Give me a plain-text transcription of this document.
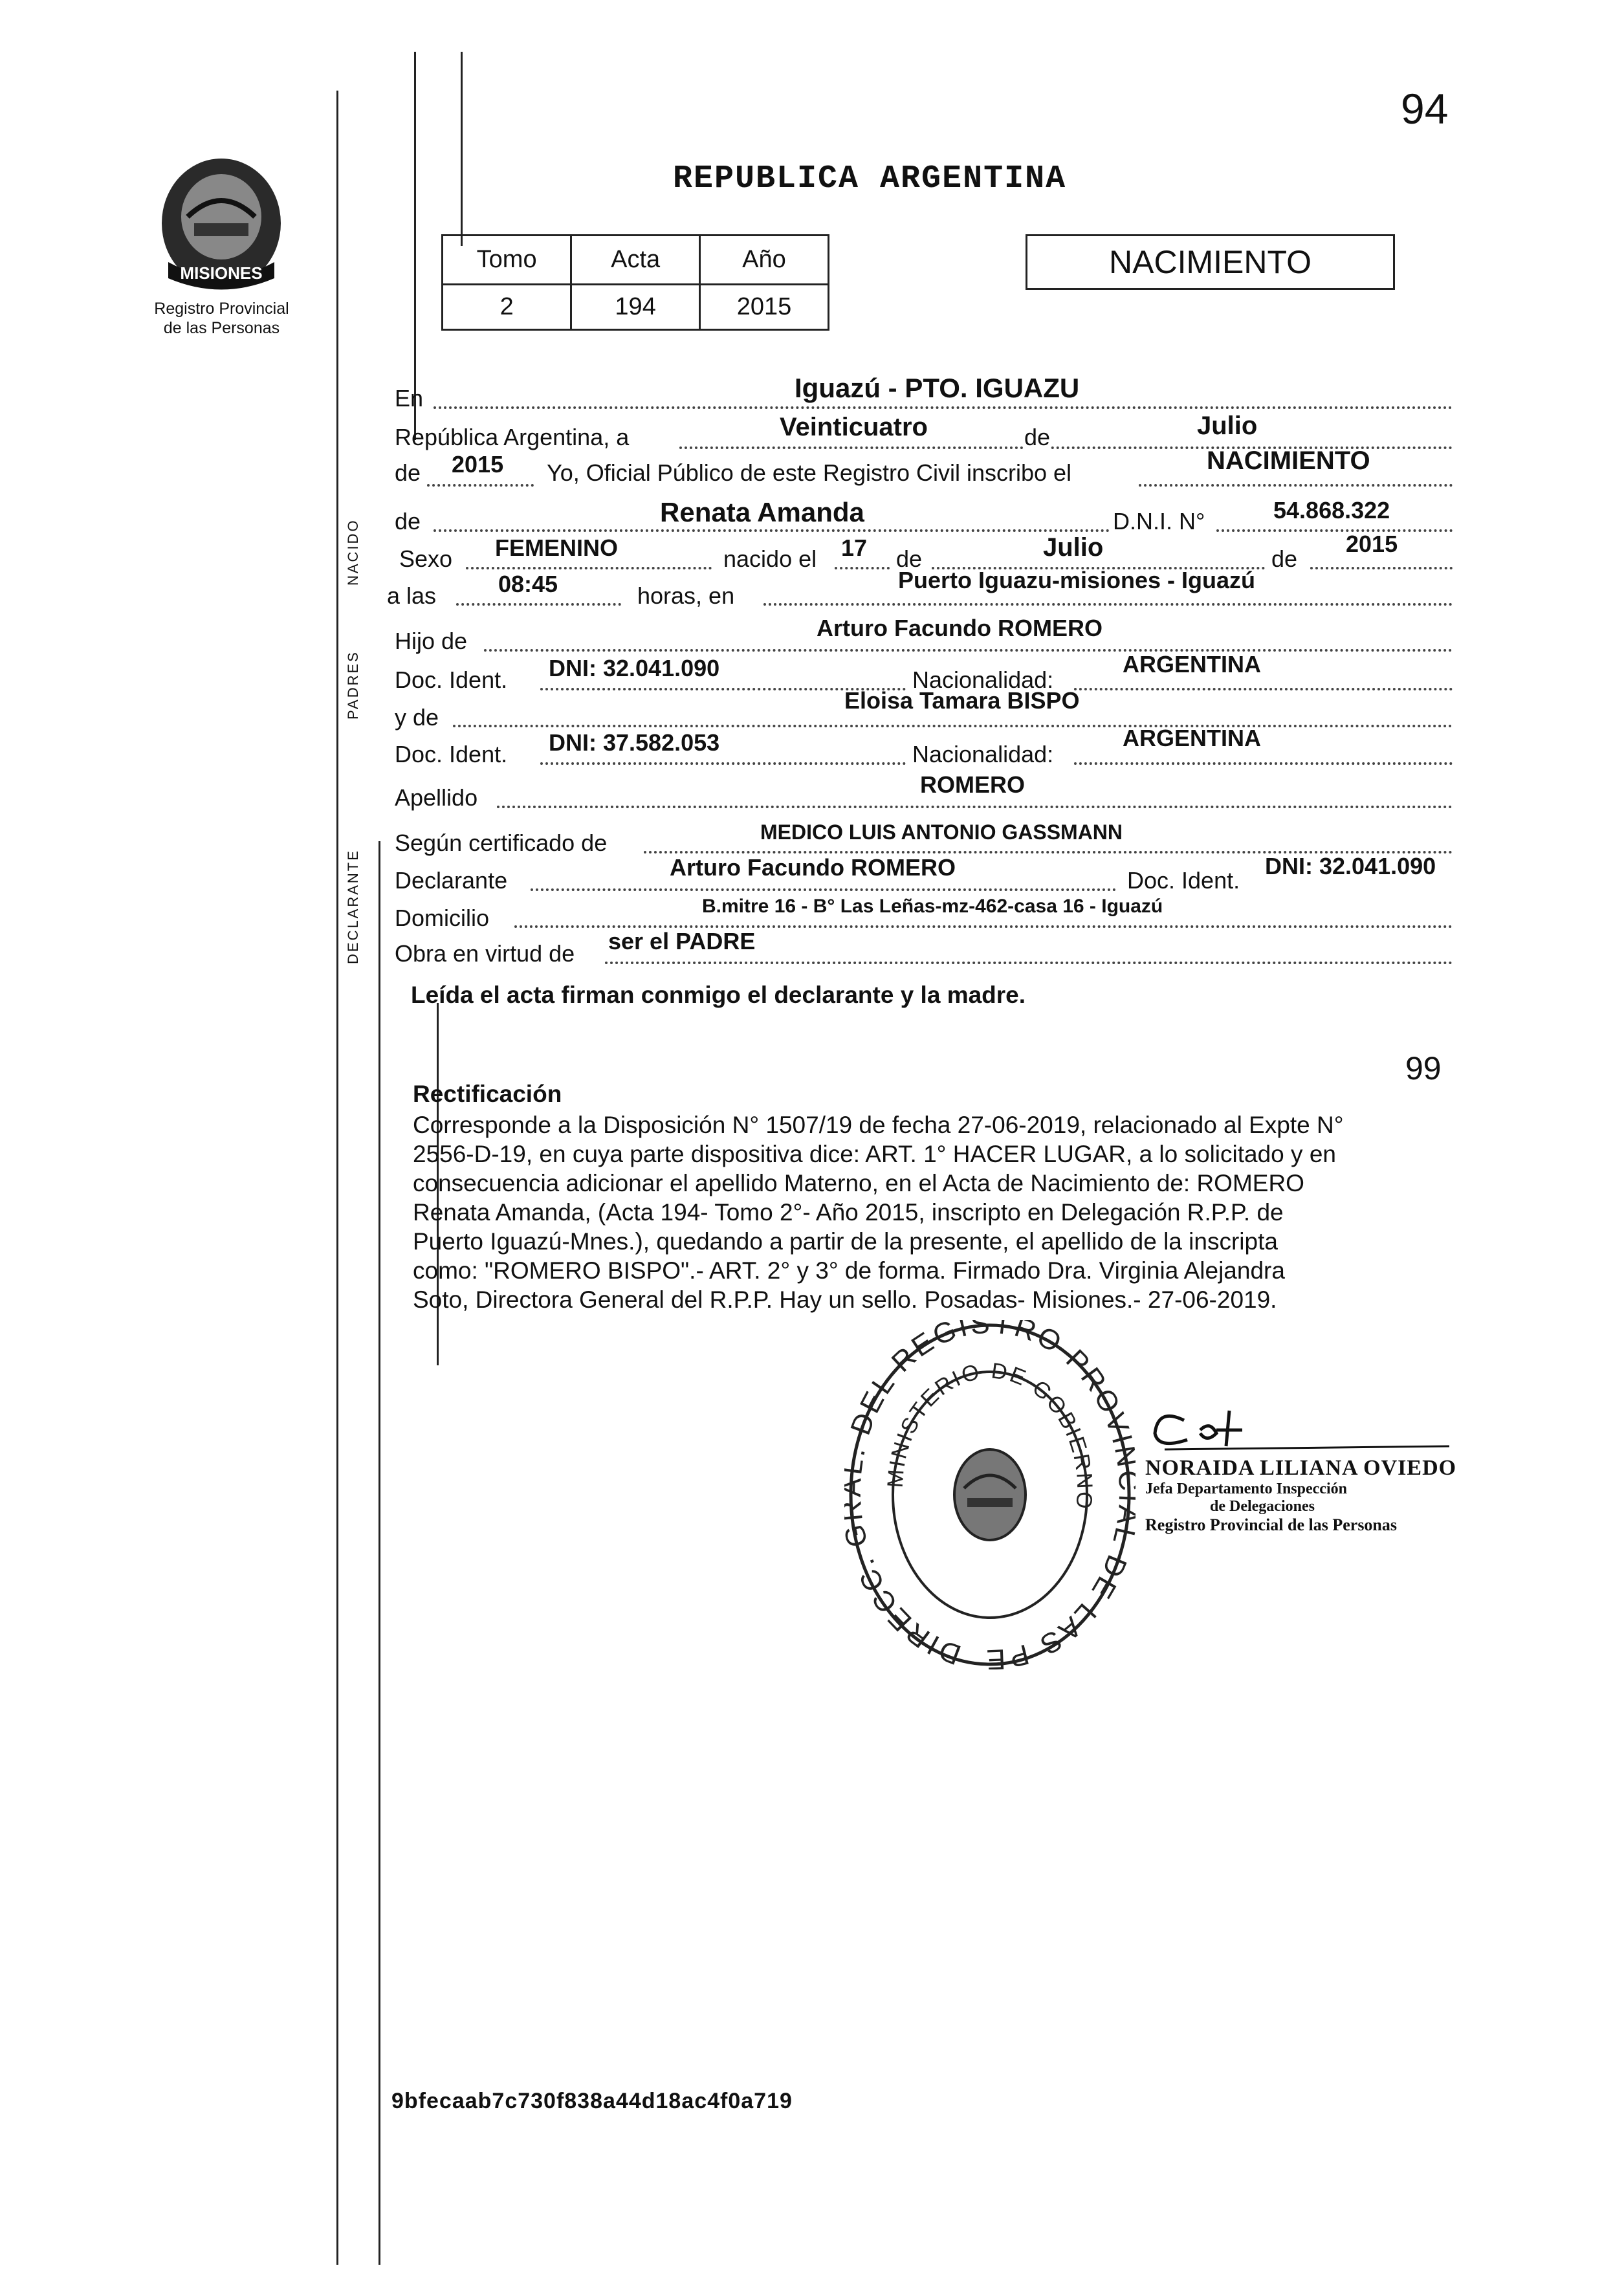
94
MISIONES
Registro Provincial
de las Personas
REPUBLICA ARGENTINA
Tomo	Acta	Año
2	194	2015
NACIMIENTO
NACIDO
En	Iguazú - PTO. IGUAZU
República Argentina, a	Veinticuatro	de	Julio
de 2015 Yo, Oficial Público de este Registro Civil inscribo el	NACIMIENTO
de	Renata Amanda	D.N.I. N°	54.868.322
Sexo FEMENINO	nacido el 17 de	Julio	de
2015
a las	08:45	horas, en
Puerto Iguazu-misiones - Iguazú
PADRES
Hijo de	Arturo Facundo ROMERO
Doc. Ident. DNI: 32.041.090	Nacionalidad:
ARGENTINA
y de
Eloisa Tamara BISPO
Doc. Ident. DNI: 37.582.053	Nacionalidad:
ARGENTINA
Apellido	ROMERO
DECLARANTE
Según certificado de	MEDICO LUIS ANTONIO GASSMANN
Declarante	Arturo Facundo ROMERO	Doc. Ident.
DNI: 32.041.090
Domicilio	B.mitre 16 - B° Las Leñas-mz-462-casa 16 - Iguazú
Obra en virtud de ser el PADRE
Leída el acta firman conmigo el declarante y la madre.
99
Rectificación
Corresponde a la Disposición N° 1507/19 de fecha 27-06-2019, relacionado al Expte N°
2556-D-19, en cuya parte dispositiva dice: ART. 1° HACER LUGAR, a lo solicitado y en
consecuencia adicionar el apellido Materno, en el Acta de Nacimiento de: ROMERO
Renata Amanda, (Acta 194- Tomo 2°- Año 2015, inscripto en Delegación R.P.P. de
Puerto Iguazú-Mnes.), quedando a partir de la presente, el apellido de la inscripta
como: "ROMERO BISPO".- ART. 2° y 3° de forma. Firmado Dra. Virginia Alejandra
Soto, Directora General del R.P.P. Hay un sello. Posadas- Misiones.- 27-06-2019.
DIRECC. DEL REGISTRO PROV DE LAS PE
MINISTERIO DE GOBIERNO
NORAIDA LILIANA OVIEDO
Jefa Departamento Inspección
de Delegaciones
Registro Provincial de las Personas
9bfecaab7c730f838a44d18ac4f0a719
